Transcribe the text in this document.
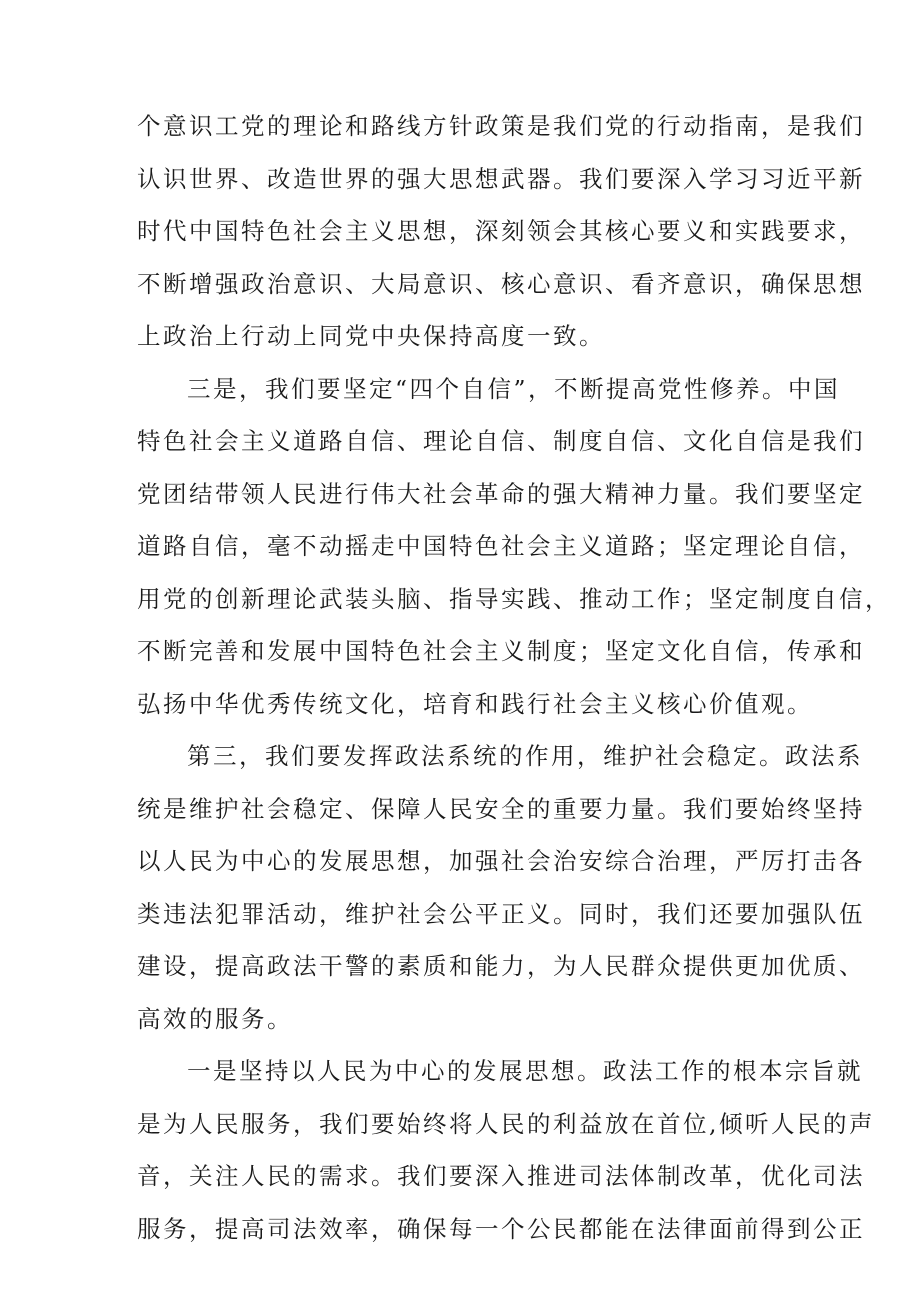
个意识工党的理论和路线方针政策是我们党的行动指南，是我们
认识世界、改造世界的强大思想武器。我们要深入学习习近平新
时代中国特色社会主义思想，深刻领会其核心要义和实践要求，
不断增强政治意识、大局意识、核心意识、看齐意识，确保思想
上政治上行动上同党中央保持高度一致。
三是，我们要坚定“四个自信”，不断提高党性修养。中国
特色社会主义道路自信、理论自信、制度自信、文化自信是我们
党团结带领人民进行伟大社会革命的强大精神力量。我们要坚定
道路自信，毫不动摇走中国特色社会主义道路；坚定理论自信，
用党的创新理论武装头脑、指导实践、推动工作；坚定制度自信，
不断完善和发展中国特色社会主义制度；坚定文化自信，传承和
弘扬中华优秀传统文化，培育和践行社会主义核心价值观。
第三，我们要发挥政法系统的作用，维护社会稳定。政法系
统是维护社会稳定、保障人民安全的重要力量。我们要始终坚持
以人民为中心的发展思想，加强社会治安综合治理，严厉打击各
类违法犯罪活动，维护社会公平正义。同时，我们还要加强队伍
建设，提高政法干警的素质和能力，为人民群众提供更加优质、
高效的服务。
一是坚持以人民为中心的发展思想。政法工作的根本宗旨就
是为人民服务，我们要始终将人民的利益放在首位,倾听人民的声
音，关注人民的需求。我们要深入推进司法体制改革，优化司法
服务，提高司法效率，确保每一个公民都能在法律面前得到公正
